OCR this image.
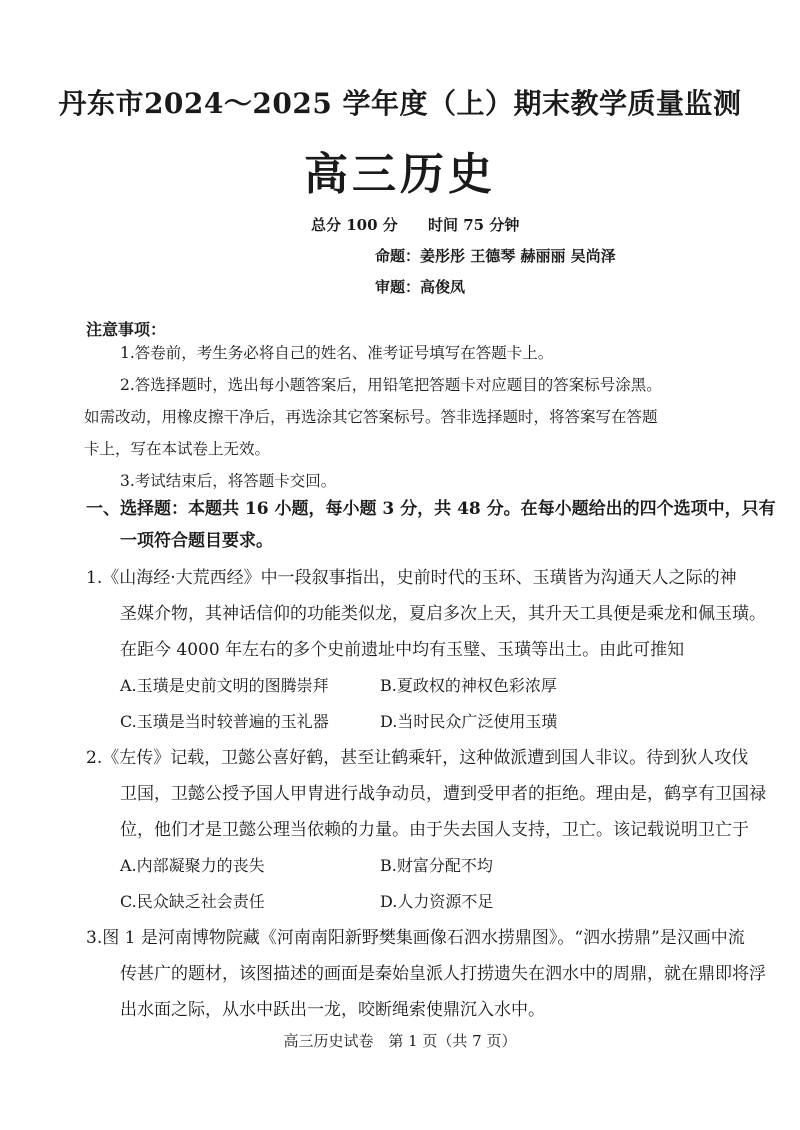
丹东市2024～2025 学年度（上）期末教学质量监测
高三历史
总分 100 分 时间 75 分钟
命题：姜彤彤 王德琴 赫丽丽 吴尚泽
审题：高俊凤
注意事项：
1.答卷前，考生务必将自己的姓名、准考证号填写在答题卡上。
2.答选择题时，选出每小题答案后，用铅笔把答题卡对应题目的答案标号涂黑。
如需改动，用橡皮擦干净后，再选涂其它答案标号。答非选择题时，将答案写在答题
卡上，写在本试卷上无效。
3.考试结束后，将答题卡交回。
一、选择题：本题共 16 小题，每小题 3 分，共 48 分。在每小题给出的四个选项中，只有
一项符合题目要求。
1.《山海经·大荒西经》中一段叙事指出，史前时代的玉环、玉璜皆为沟通天人之际的神
圣媒介物，其神话信仰的功能类似龙，夏启多次上天，其升天工具便是乘龙和佩玉璜。
在距今 4000 年左右的多个史前遗址中均有玉璧、玉璜等出土。由此可推知
A.玉璜是史前文明的图腾崇拜	B.夏政权的神权色彩浓厚
C.玉璜是当时较普遍的玉礼器	D.当时民众广泛使用玉璜
2.《左传》记载，卫懿公喜好鹤，甚至让鹤乘轩，这种做派遭到国人非议。待到狄人攻伐
卫国，卫懿公授予国人甲胄进行战争动员，遭到受甲者的拒绝。理由是，鹤享有卫国禄
位，他们才是卫懿公理当依赖的力量。由于失去国人支持，卫亡。该记载说明卫亡于
A.内部凝聚力的丧失	B.财富分配不均
C.民众缺乏社会责任	D.人力资源不足
3.图 1 是河南博物院藏《河南南阳新野樊集画像石泗水捞鼎图》。“泗水捞鼎”是汉画中流
传甚广的题材，该图描述的画面是秦始皇派人打捞遗失在泗水中的周鼎，就在鼎即将浮
出水面之际，从水中跃出一龙，咬断绳索使鼎沉入水中。
高三历史试卷 第 1 页（共 7 页）
